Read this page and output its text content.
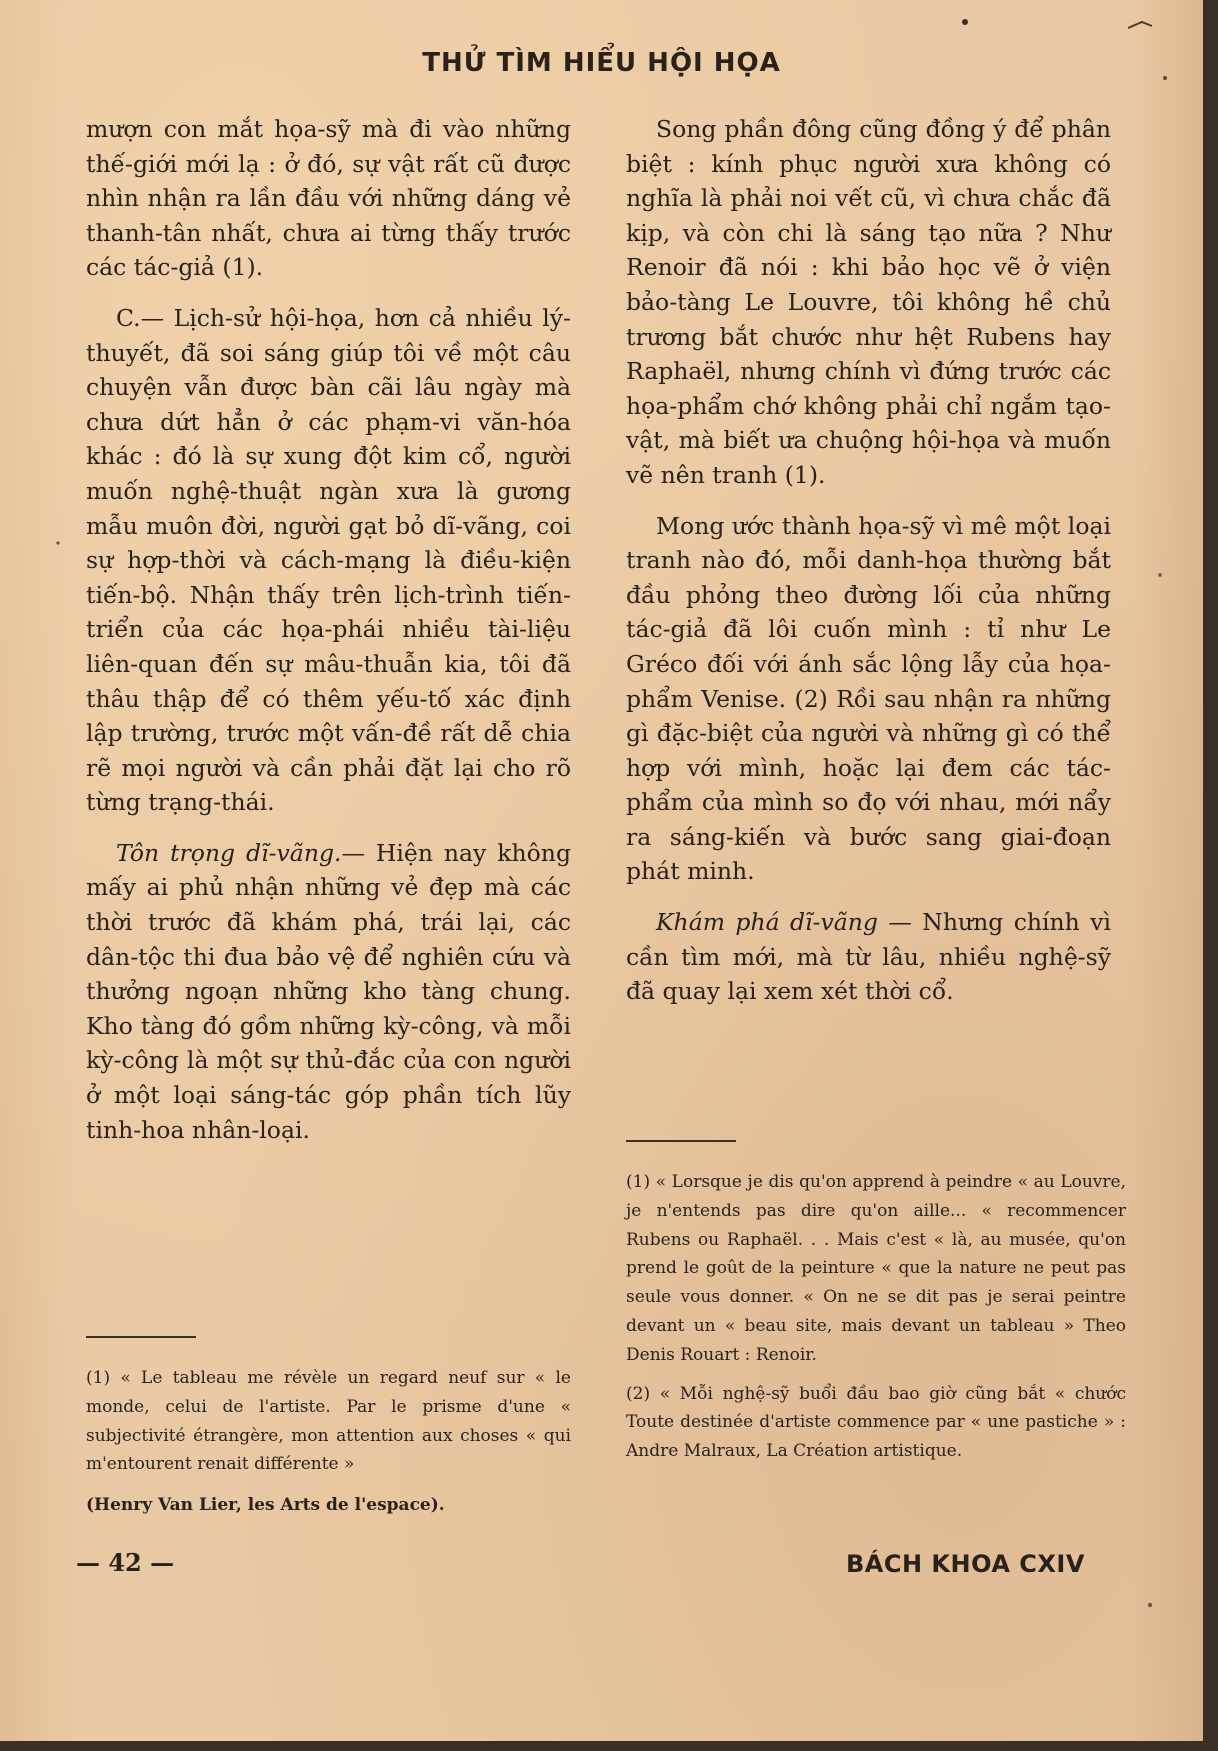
THỬ TÌM HIỂU HỘI HỌA

mượn con mắt họa-sỹ mà đi vào những thế-giới mới lạ : ở đó, sự vật rất cũ được nhìn nhận ra lần đầu với những dáng vẻ thanh-tân nhất, chưa ai từng thấy trước các tác-giả (1).

C.— Lịch-sử hội-họa, hơn cả nhiều lý-thuyết, đã soi sáng giúp tôi về một câu chuyện vẫn được bàn cãi lâu ngày mà chưa dứt hẳn ở các phạm-vi văn-hóa khác : đó là sự xung đột kim cổ, người muốn nghệ-thuật ngàn xưa là gương mẫu muôn đời, người gạt bỏ dĩ-vãng, coi sự hợp-thời và cách-mạng là điều-kiện tiến-bộ. Nhận thấy trên lịch-trình tiến-triển của các họa-phái nhiều tài-liệu liên-quan đến sự mâu-thuẫn kia, tôi đã thâu thập để có thêm yếu-tố xác định lập trường, trước một vấn-đề rất dễ chia rẽ mọi người và cần phải đặt lại cho rõ từng trạng-thái.

Tôn trọng dĩ-vãng.— Hiện nay không mấy ai phủ nhận những vẻ đẹp mà các thời trước đã khám phá, trái lại, các dân-tộc thi đua bảo vệ để nghiên cứu và thưởng ngoạn những kho tàng chung. Kho tàng đó gồm những kỳ-công, và mỗi kỳ-công là một sự thủ-đắc của con người ở một loại sáng-tác góp phần tích lũy tinh-hoa nhân-loại.

Song phần đông cũng đồng ý để phân biệt : kính phục người xưa không có nghĩa là phải noi vết cũ, vì chưa chắc đã kịp, và còn chi là sáng tạo nữa ? Như Renoir đã nói : khi bảo học vẽ ở viện bảo-tàng Le Louvre, tôi không hề chủ trương bắt chước như hệt Rubens hay Raphaël, nhưng chính vì đứng trước các họa-phẩm chớ không phải chỉ ngắm tạo-vật, mà biết ưa chuộng hội-họa và muốn vẽ nên tranh (1).

Mong ước thành họa-sỹ vì mê một loại tranh nào đó, mỗi danh-họa thường bắt đầu phỏng theo đường lối của những tác-giả đã lôi cuốn mình : tỉ như Le Gréco đối với ánh sắc lộng lẫy của họa-phẩm Venise. (2) Rồi sau nhận ra những gì đặc-biệt của người và những gì có thể hợp với mình, hoặc lại đem các tác-phẩm của mình so đọ với nhau, mới nẩy ra sáng-kiến và bước sang giai-đoạn phát minh.

Khám phá dĩ-vãng — Nhưng chính vì cần tìm mới, mà từ lâu, nhiều nghệ-sỹ đã quay lại xem xét thời cổ.

(1) « Le tableau me révèle un regard neuf sur « le monde, celui de l'artiste. Par le prisme d'une « subjectivité étrangère, mon attention aux choses « qui m'entourent renait différente »

(Henry Van Lier, les Arts de l'espace).

(1) « Lorsque je dis qu'on apprend à peindre « au Louvre, je n'entends pas dire qu'on aille... « recommencer Rubens ou Raphaël. . . Mais c'est « là, au musée, qu'on prend le goût de la peinture « que la nature ne peut pas seule vous donner. « On ne se dit pas je serai peintre devant un « beau site, mais devant un tableau » Theo Denis Rouart : Renoir.

(2) « Mỗi nghệ-sỹ buổi đầu bao giờ cũng bắt « chước Toute destinée d'artiste commence par « une pastiche » : Andre Malraux, La Création artistique.

— 42 —	BÁCH KHOA CXIV
